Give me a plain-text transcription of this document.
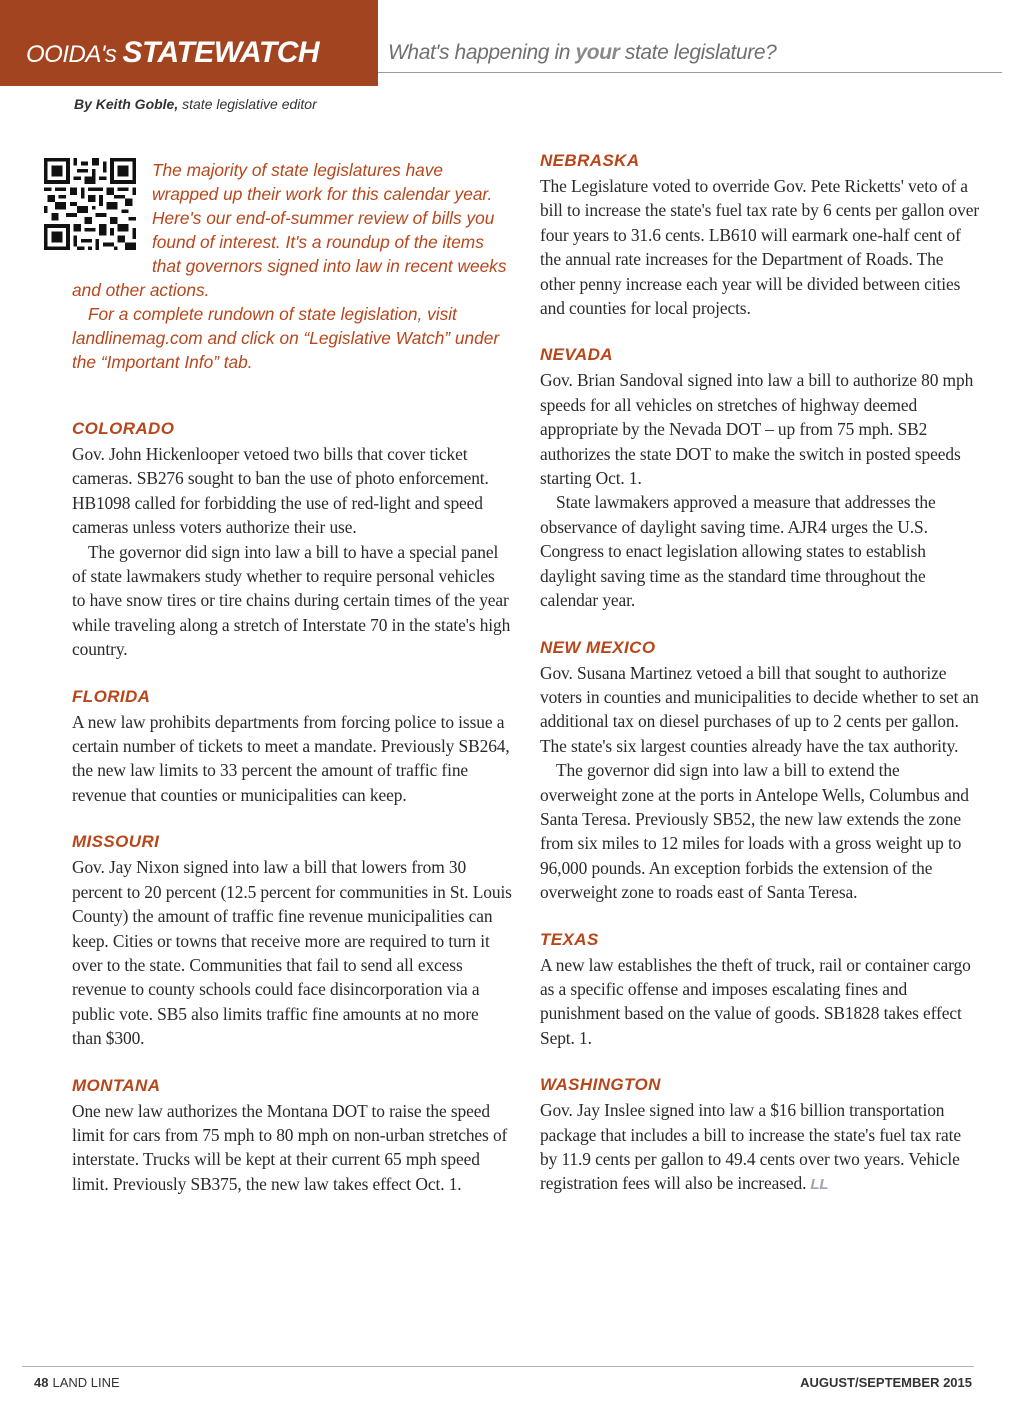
OOIDA's STATEWATCH	What's happening in your state legislature?
By Keith Goble, state legislative editor

The majority of state legislatures have wrapped up their work for this calendar year. Here's our end-of-summer review of bills you found of interest. It's a roundup of the items that governors signed into law in recent weeks and other actions.

For a complete rundown of state legislation, visit landlinemag.com and click on “Legislative Watch” under the “Important Info” tab.

COLORADO

Gov. John Hickenlooper vetoed two bills that cover ticket cameras. SB276 sought to ban the use of photo enforcement. HB1098 called for forbidding the use of red-light and speed cameras unless voters authorize their use.

The governor did sign into law a bill to have a special panel of state lawmakers study whether to require personal vehicles to have snow tires or tire chains during certain times of the year while traveling along a stretch of Interstate 70 in the state's high country.

FLORIDA

A new law prohibits departments from forcing police to issue a certain number of tickets to meet a mandate. Previously SB264, the new law limits to 33 percent the amount of traffic fine revenue that counties or municipalities can keep.

MISSOURI

Gov. Jay Nixon signed into law a bill that lowers from 30 percent to 20 percent (12.5 percent for communities in St. Louis County) the amount of traffic fine revenue municipalities can keep. Cities or towns that receive more are required to turn it over to the state. Communities that fail to send all excess revenue to county schools could face disincorporation via a public vote. SB5 also limits traffic fine amounts at no more than $300.

MONTANA

One new law authorizes the Montana DOT to raise the speed limit for cars from 75 mph to 80 mph on non-urban stretches of interstate. Trucks will be kept at their current 65 mph speed limit. Previously SB375, the new law takes effect Oct. 1.

NEBRASKA

The Legislature voted to override Gov. Pete Ricketts' veto of a bill to increase the state's fuel tax rate by 6 cents per gallon over four years to 31.6 cents. LB610 will earmark one-half cent of the annual rate increases for the Department of Roads. The other penny increase each year will be divided between cities and counties for local projects.

NEVADA

Gov. Brian Sandoval signed into law a bill to authorize 80 mph speeds for all vehicles on stretches of highway deemed appropriate by the Nevada DOT – up from 75 mph. SB2 authorizes the state DOT to make the switch in posted speeds starting Oct. 1.

State lawmakers approved a measure that addresses the observance of daylight saving time. AJR4 urges the U.S. Congress to enact legislation allowing states to establish daylight saving time as the standard time throughout the calendar year.

NEW MEXICO

Gov. Susana Martinez vetoed a bill that sought to authorize voters in counties and municipalities to decide whether to set an additional tax on diesel purchases of up to 2 cents per gallon. The state's six largest counties already have the tax authority.

The governor did sign into law a bill to extend the overweight zone at the ports in Antelope Wells, Columbus and Santa Teresa. Previously SB52, the new law extends the zone from six miles to 12 miles for loads with a gross weight up to 96,000 pounds. An exception forbids the extension of the overweight zone to roads east of Santa Teresa.

TEXAS

A new law establishes the theft of truck, rail or container cargo as a specific offense and imposes escalating fines and punishment based on the value of goods. SB1828 takes effect Sept. 1.

WASHINGTON

Gov. Jay Inslee signed into law a $16 billion transportation package that includes a bill to increase the state's fuel tax rate by 11.9 cents per gallon to 49.4 cents over two years. Vehicle registration fees will also be increased. LL

48 LAND LINE	AUGUST/SEPTEMBER 2015
